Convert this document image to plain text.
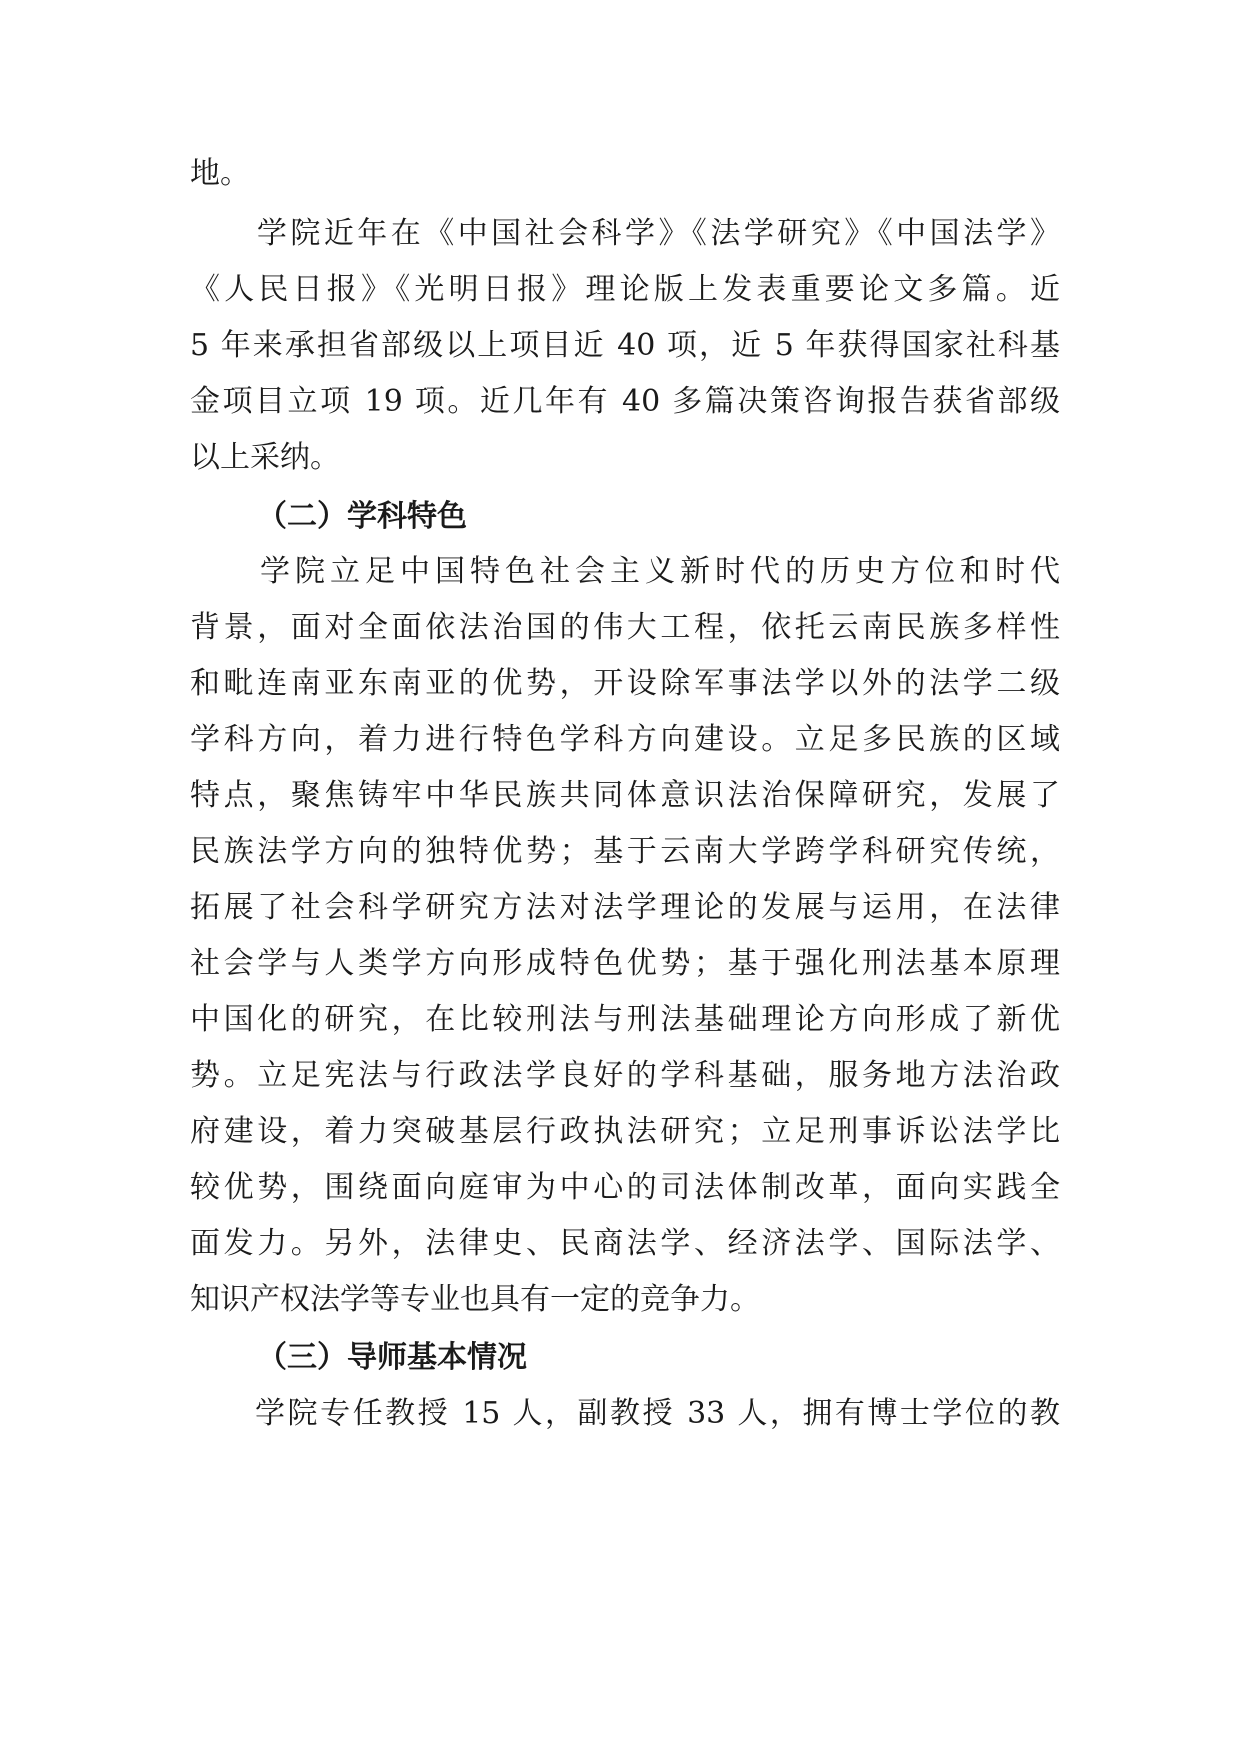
地。
　　学院近年在《中国社会科学》《法学研究》《中国法学》
《人民日报》《光明日报》理论版上发表重要论文多篇。近
5 年来承担省部级以上项目近 40 项，近 5 年获得国家社科基
金项目立项 19 项。近几年有 40 多篇决策咨询报告获省部级
以上采纳。
（二）学科特色
　　学院立足中国特色社会主义新时代的历史方位和时代
背景，面对全面依法治国的伟大工程，依托云南民族多样性
和毗连南亚东南亚的优势，开设除军事法学以外的法学二级
学科方向，着力进行特色学科方向建设。立足多民族的区域
特点，聚焦铸牢中华民族共同体意识法治保障研究，发展了
民族法学方向的独特优势；基于云南大学跨学科研究传统，
拓展了社会科学研究方法对法学理论的发展与运用，在法律
社会学与人类学方向形成特色优势；基于强化刑法基本原理
中国化的研究，在比较刑法与刑法基础理论方向形成了新优
势。立足宪法与行政法学良好的学科基础，服务地方法治政
府建设，着力突破基层行政执法研究；立足刑事诉讼法学比
较优势，围绕面向庭审为中心的司法体制改革，面向实践全
面发力。另外，法律史、民商法学、经济法学、国际法学、
知识产权法学等专业也具有一定的竞争力。
（三）导师基本情况
　　学院专任教授 15 人，副教授 33 人，拥有博士学位的教
